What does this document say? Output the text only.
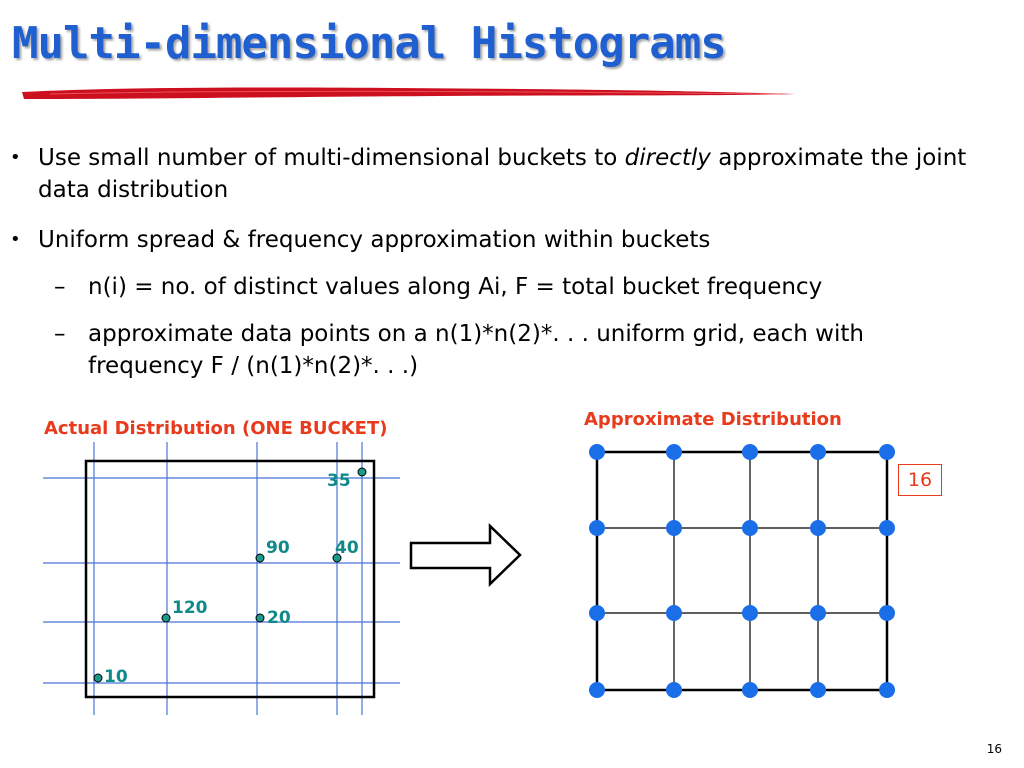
Multi-dimensional Histograms
• Use small number of multi-dimensional buckets to directly approximate the joint data distribution
• Uniform spread & frequency approximation within buckets
– n(i) = no. of distinct values along Ai, F = total bucket frequency
– approximate data points on a n(1)*n(2)*. . . uniform grid, each with frequency F / (n(1)*n(2)*. . .)
Actual Distribution (ONE BUCKET)	Approximate Distribution
35
90	40
120	20
10
16
16
